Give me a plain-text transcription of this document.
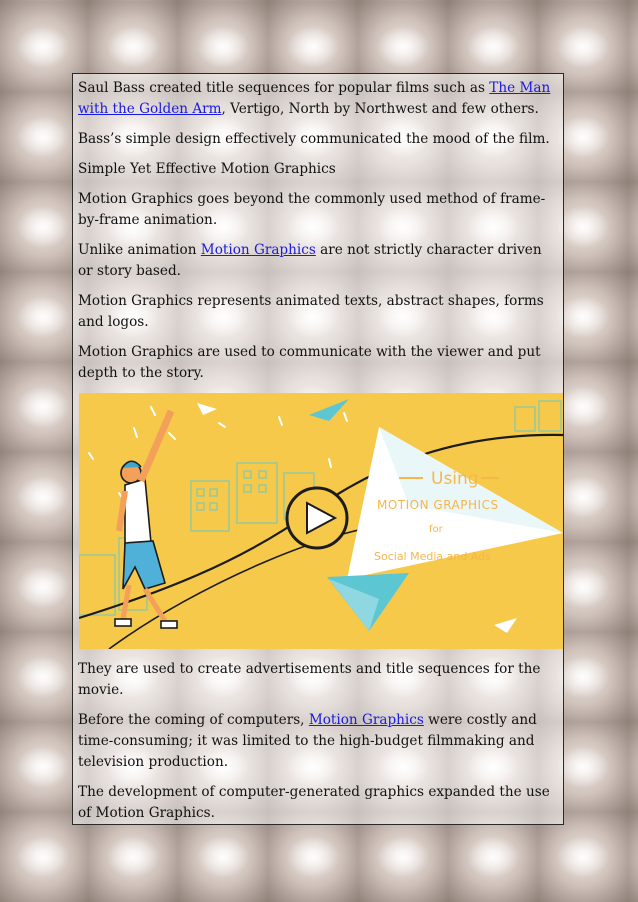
Saul Bass created title sequences for popular films such as The Man with the Golden Arm, Vertigo, North by Northwest and few others.

Bass’s simple design effectively communicated the mood of the film.

Simple Yet Effective Motion Graphics

Motion Graphics goes beyond the commonly used method of frame-by-frame animation.

Unlike animation Motion Graphics are not strictly character driven or story based.

Motion Graphics represents animated texts, abstract shapes, forms and logos.

Motion Graphics are used to communicate with the viewer and put depth to the story.

Using
MOTION GRAPHICS
for
Social Media and Ads

They are used to create advertisements and title sequences for the movie.

Before the coming of computers, Motion Graphics were costly and time-consuming; it was limited to the high-budget filmmaking and television production.

The development of computer-generated graphics expanded the use of Motion Graphics.
